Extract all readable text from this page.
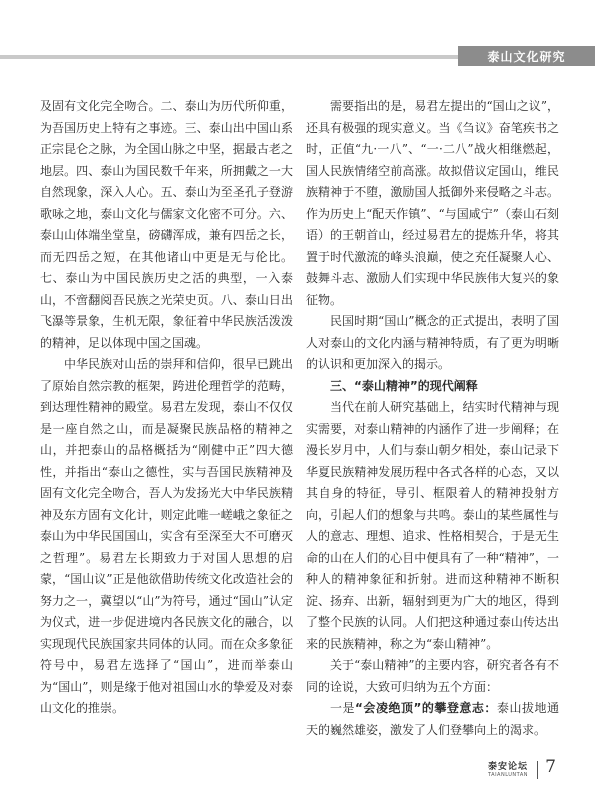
泰山文化研究

及固有文化完全吻合。二、泰山为历代所仰重，为吾国历史上特有之事迹。三、泰山出中国山系正宗昆仑之脉，为全国山脉之中坚，据最古老之地层。四、泰山为国民数千年来，所拥戴之一大自然现象，深入人心。五、泰山为至圣孔子登游歌咏之地，泰山文化与儒家文化密不可分。六、泰山山体端坐堂皇，磅礴浑成，兼有四岳之长，而无四岳之短，在其他诸山中更是无与伦比。七、泰山为中国民族历史之活的典型，一入泰山，不啻翻阅吾民族之光荣史页。八、泰山日出飞瀑等景象，生机无限，象征着中华民族活泼泼的精神，足以体现中国之国魂。

中华民族对山岳的崇拜和信仰，很早已跳出了原始自然宗教的框架，跨进伦理哲学的范畴，到达理性精神的殿堂。易君左发现，泰山不仅仅是一座自然之山，而是凝聚民族品格的精神之山，并把泰山的品格概括为“刚健中正”四大德性，并指出“泰山之德性，实与吾国民族精神及固有文化完全吻合，吾人为发扬光大中华民族精神及东方固有文化计，则定此唯一嵯峨之象征之泰山为中华民国国山，实含有至深至大不可磨灭之哲理”。易君左长期致力于对国人思想的启蒙，“国山议”正是他欲借助传统文化改造社会的努力之一，冀望以“山”为符号，通过“国山”认定为仪式，进一步促进境内各民族文化的融合，以实现现代民族国家共同体的认同。而在众多象征符号中，易君左选择了“国山”，进而举泰山为“国山”，则是缘于他对祖国山水的挚爱及对泰山文化的推崇。

需要指出的是，易君左提出的“国山之议”，还具有极强的现实意义。当《刍议》奋笔疾书之时，正值“九·一八”、“一·二八”战火相继燃起，国人民族情绪空前高涨。故拟借议定国山，维民族精神于不堕，激励国人抵御外来侵略之斗志。作为历史上“配天作镇”、“与国咸宁”（泰山石刻语）的王朝首山，经过易君左的提炼升华，将其置于时代激流的峰头浪巅，使之充任凝聚人心、鼓舞斗志、激励人们实现中华民族伟大复兴的象征物。

民国时期“国山”概念的正式提出，表明了国人对泰山的文化内涵与精神特质，有了更为明晰的认识和更加深入的揭示。

三、“泰山精神”的现代阐释

当代在前人研究基础上，结实时代精神与现实需要，对泰山精神的内涵作了进一步阐释；在漫长岁月中，人们与泰山朝夕相处，泰山记录下华夏民族精神发展历程中各式各样的心态，又以其自身的特征，导引、框限着人的精神投射方向，引起人们的想象与共鸣。泰山的某些属性与人的意志、理想、追求、性格相契合，于是无生命的山在人们的心目中便具有了一种“精神”，一种人的精神象征和折射。进而这种精神不断积淀、扬弃、出新，辐射到更为广大的地区，得到了整个民族的认同。人们把这种通过泰山传达出来的民族精神，称之为“泰山精神”。

关于“泰山精神”的主要内容，研究者各有不同的诠说，大致可归纳为五个方面：

一是“会凌绝顶”的攀登意志：泰山拔地通天的巍然雄姿，激发了人们登攀向上的渴求。

泰安论坛
TAIANLUNTAN 7
